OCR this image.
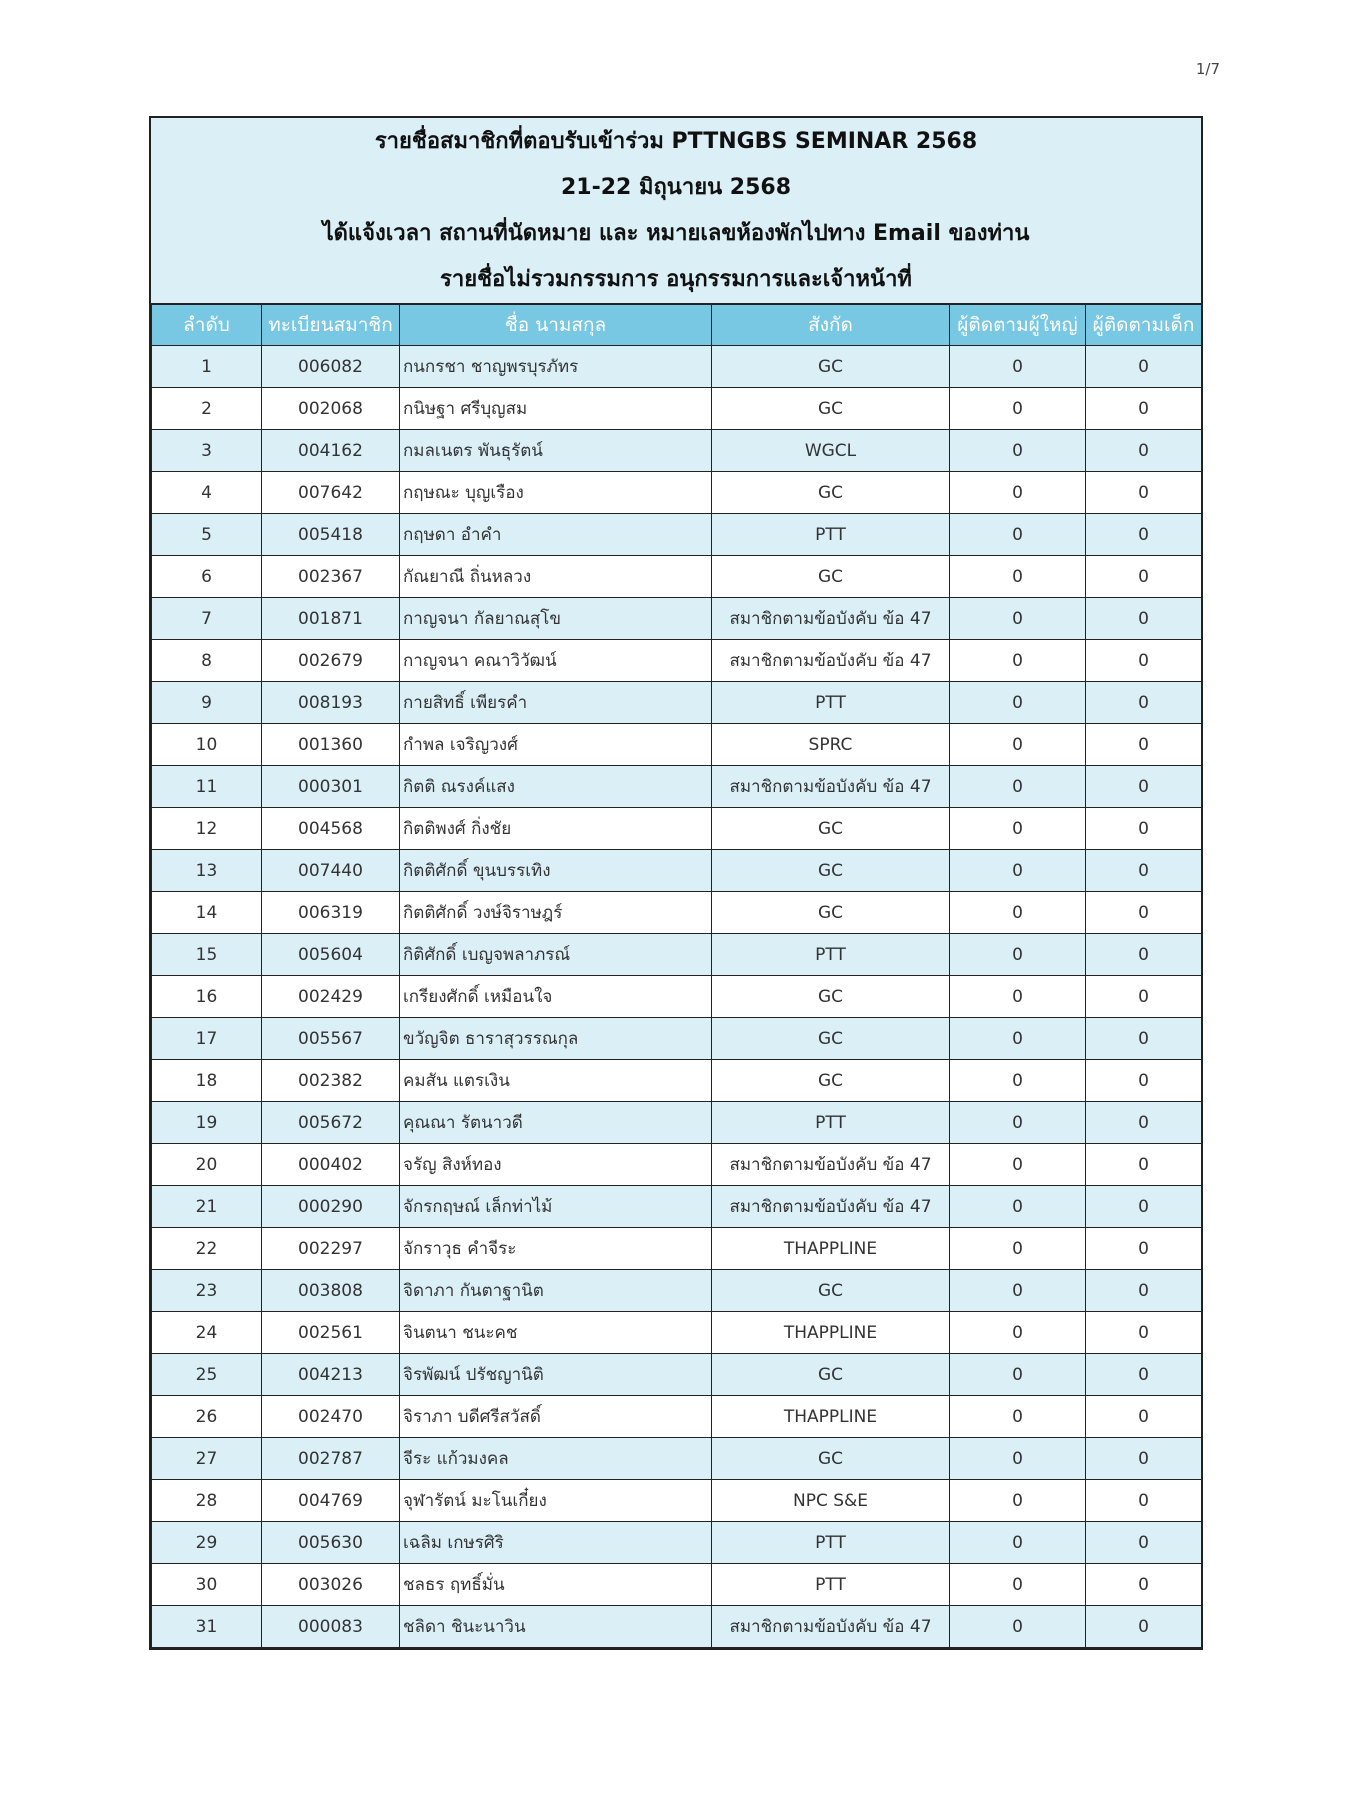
1/7
รายชื่อสมาชิกที่ตอบรับเข้าร่วม PTTNGBS SEMINAR 2568
21-22 มิถุนายน 2568
ได้แจ้งเวลา สถานที่นัดหมาย และ หมายเลขห้องพักไปทาง Email ของท่าน
รายชื่อไม่รวมกรรมการ อนุกรรมการและเจ้าหน้าที่
ลำดับ	ทะเบียนสมาชิก	ชื่อ นามสกุล	สังกัด	ผู้ติดตามผู้ใหญ่	ผู้ติดตามเด็ก
1	006082	กนกรชา ชาญพรบุรภัทร	GC	0	0
2	002068	กนิษฐา ศรีบุญสม	GC	0	0
3	004162	กมลเนตร พันธุรัตน์	WGCL	0	0
4	007642	กฤษณะ บุญเรือง	GC	0	0
5	005418	กฤษดา อำคำ	PTT	0	0
6	002367	กัณยาณี ถิ่นหลวง	GC	0	0
7	001871	กาญจนา กัลยาณสุโข	สมาชิกตามข้อบังคับ ข้อ 47	0	0
8	002679	กาญจนา คณาวิวัฒน์	สมาชิกตามข้อบังคับ ข้อ 47	0	0
9	008193	กายสิทธิ์ เพียรคำ	PTT	0	0
10	001360	กำพล เจริญวงศ์	SPRC	0	0
11	000301	กิตติ ณรงค์แสง	สมาชิกตามข้อบังคับ ข้อ 47	0	0
12	004568	กิตติพงศ์ กิ่งชัย	GC	0	0
13	007440	กิตติศักดิ์ ขุนบรรเทิง	GC	0	0
14	006319	กิตติศักดิ์ วงษ์จิราษฎร์	GC	0	0
15	005604	กิติศักดิ์ เบญจพลาภรณ์	PTT	0	0
16	002429	เกรียงศักดิ์ เหมือนใจ	GC	0	0
17	005567	ขวัญจิต ธาราสุวรรณกุล	GC	0	0
18	002382	คมสัน แตรเงิน	GC	0	0
19	005672	คุณณา รัตนาวดี	PTT	0	0
20	000402	จรัญ สิงห์ทอง	สมาชิกตามข้อบังคับ ข้อ 47	0	0
21	000290	จักรกฤษณ์ เล็กท่าไม้	สมาชิกตามข้อบังคับ ข้อ 47	0	0
22	002297	จักราวุธ คำจีระ	THAPPLINE	0	0
23	003808	จิดาภา กันตาฐานิต	GC	0	0
24	002561	จินตนา ชนะคช	THAPPLINE	0	0
25	004213	จิรพัฒน์ ปรัชญานิติ	GC	0	0
26	002470	จิราภา บดีศรีสวัสดิ์	THAPPLINE	0	0
27	002787	จีระ แก้วมงคล	GC	0	0
28	004769	จุฬารัตน์ มะโนเกี๋ยง	NPC S&E	0	0
29	005630	เฉลิม เกษรศิริ	PTT	0	0
30	003026	ชลธร ฤทธิ์มั่น	PTT	0	0
31	000083	ชลิดา ชินะนาวิน	สมาชิกตามข้อบังคับ ข้อ 47	0	0
